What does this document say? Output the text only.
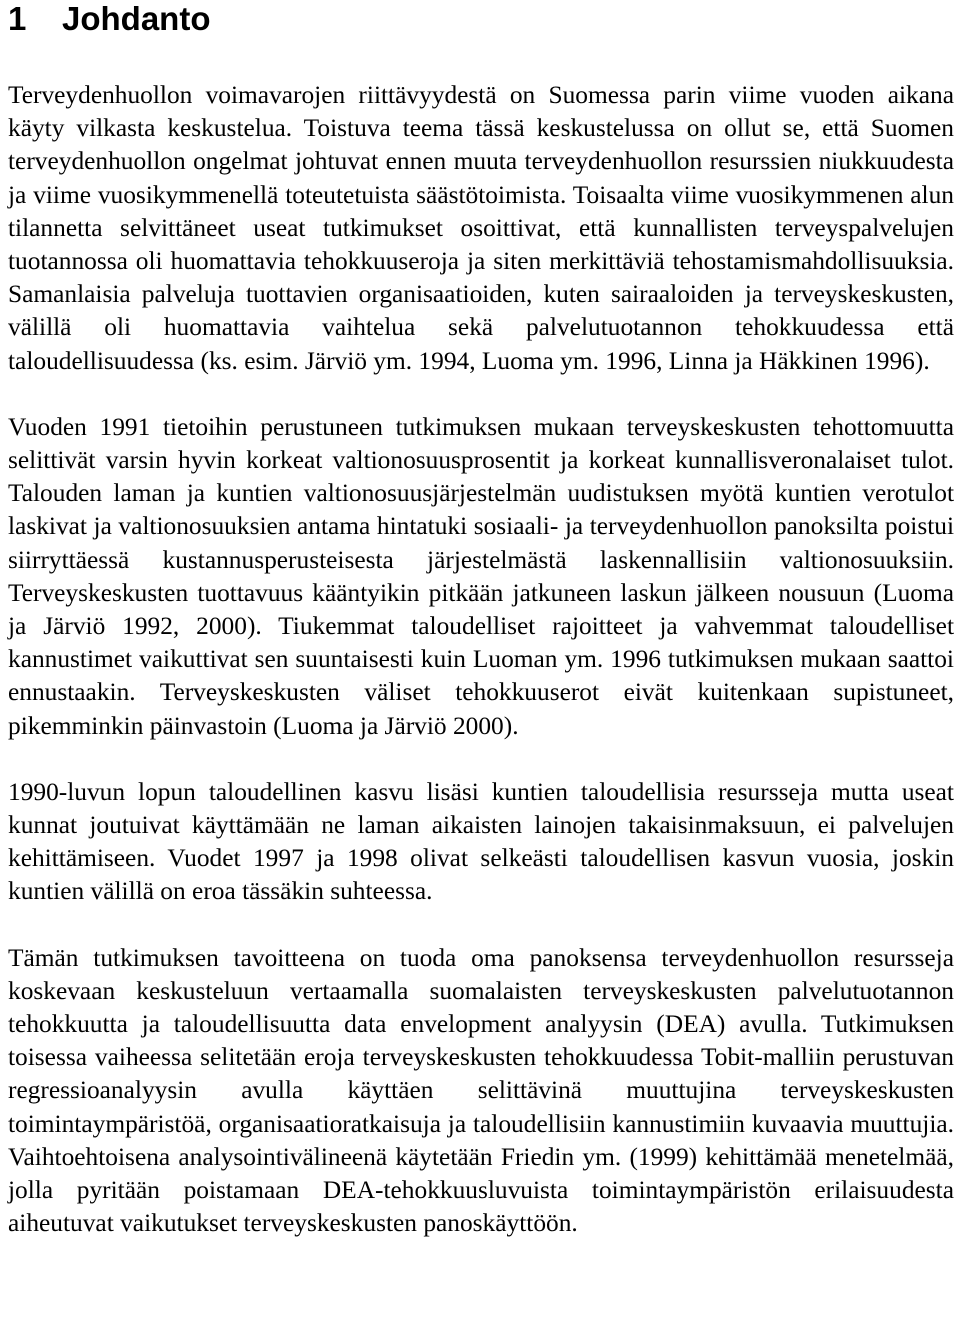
1 Johdanto

Terveydenhuollon voimavarojen riittävyydestä on Suomessa parin viime vuoden aikana käyty vilkasta keskustelua. Toistuva teema tässä keskustelussa on ollut se, että Suomen terveydenhuollon ongelmat johtuvat ennen muuta terveydenhuollon resurssien niukkuudesta ja viime vuosikymmenellä toteutetuista säästötoimista. Toisaalta viime vuosikymmenen alun tilannetta selvittäneet useat tutkimukset osoittivat, että kunnallisten terveyspalvelujen tuotannossa oli huomattavia tehokkuuseroja ja siten merkittäviä tehostamismahdollisuuksia. Samanlaisia palveluja tuottavien organisaatioiden, kuten sairaaloiden ja terveyskeskusten, välillä oli huomattavia vaihtelua sekä palvelutuotannon tehokkuudessa että taloudellisuudessa (ks. esim. Järviö ym. 1994, Luoma ym. 1996, Linna ja Häkkinen 1996).

Vuoden 1991 tietoihin perustuneen tutkimuksen mukaan terveyskeskusten tehottomuutta selittivät varsin hyvin korkeat valtionosuusprosentit ja korkeat kunnallisveronalaiset tulot. Talouden laman ja kuntien valtionosuusjärjestelmän uudistuksen myötä kuntien verotulot laskivat ja valtionosuuksien antama hintatuki sosiaali- ja terveydenhuollon panoksilta poistui siirryttäessä kustannusperusteisesta järjestelmästä laskennallisiin valtionosuuksiin. Terveyskeskusten tuottavuus kääntyikin pitkään jatkuneen laskun jälkeen nousuun (Luoma ja Järviö 1992, 2000). Tiukemmat taloudelliset rajoitteet ja vahvemmat taloudelliset kannustimet vaikuttivat sen suuntaisesti kuin Luoman ym. 1996 tutkimuksen mukaan saattoi ennustaakin. Terveyskeskusten väliset tehokkuuserot eivät kuitenkaan supistuneet, pikemminkin päinvastoin (Luoma ja Järviö 2000).

1990-luvun lopun taloudellinen kasvu lisäsi kuntien taloudellisia resursseja mutta useat kunnat joutuivat käyttämään ne laman aikaisten lainojen takaisinmaksuun, ei palvelujen kehittämiseen. Vuodet 1997 ja 1998 olivat selkeästi taloudellisen kasvun vuosia, joskin kuntien välillä on eroa tässäkin suhteessa.

Tämän tutkimuksen tavoitteena on tuoda oma panoksensa terveydenhuollon resursseja koskevaan keskusteluun vertaamalla suomalaisten terveyskeskusten palvelutuotannon tehokkuutta ja taloudellisuutta data envelopment analyysin (DEA) avulla. Tutkimuksen toisessa vaiheessa selitetään eroja terveyskeskusten tehokkuudessa Tobit-malliin perustuvan regressioanalyysin avulla käyttäen selittävinä muuttujina terveyskeskusten toimintaympäristöä, organisaatioratkaisuja ja taloudellisiin kannustimiin kuvaavia muuttujia. Vaihtoehtoisena analysointivälineenä käytetään Friedin ym. (1999) kehittämää menetelmää, jolla pyritään poistamaan DEA-tehokkuusluvuista toimintaympäristön erilaisuudesta aiheutuvat vaikutukset terveyskeskusten panoskäyttöön.
